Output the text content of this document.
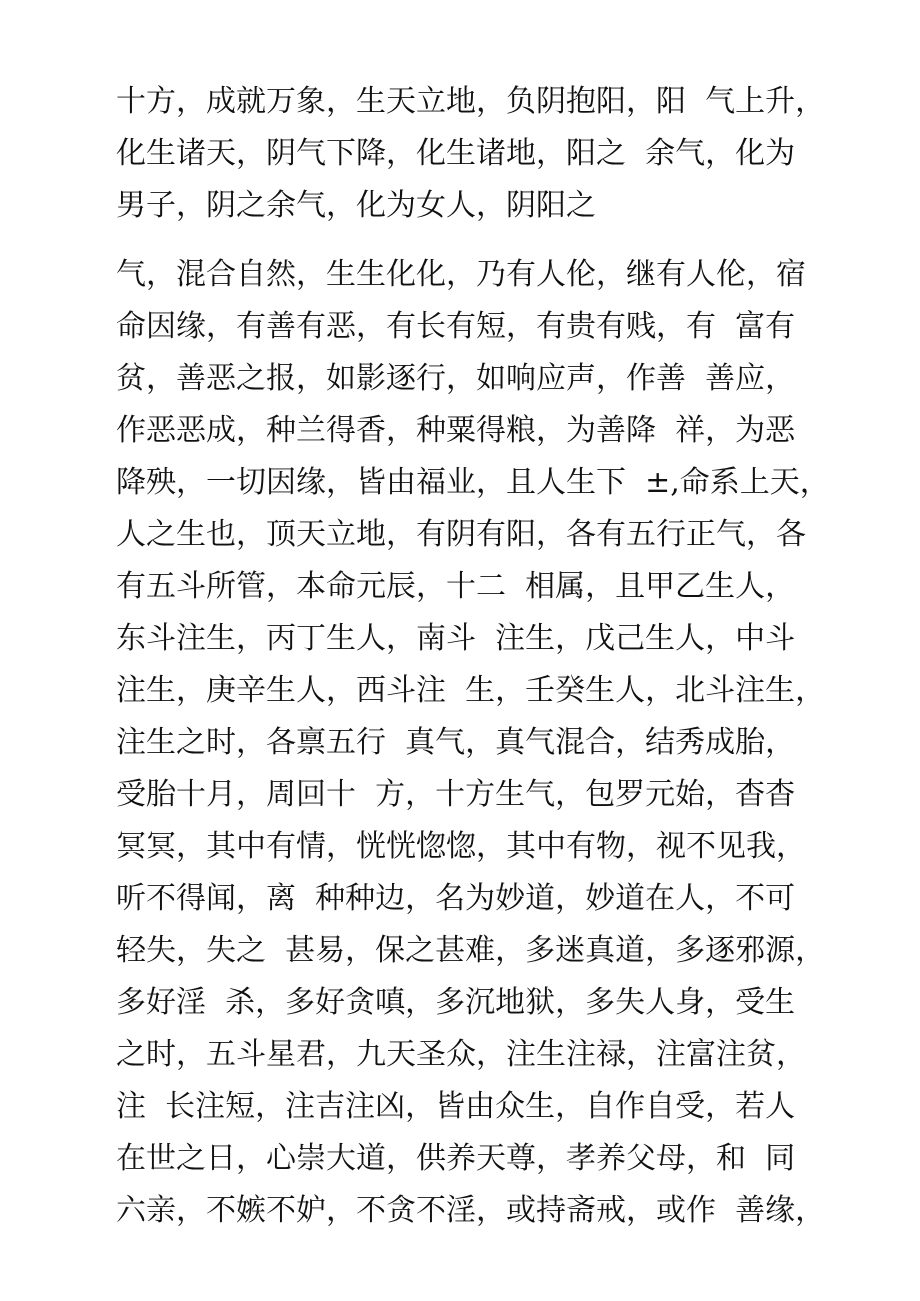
十方，成就万象，生天立地，负阴抱阳，阳  气上升，
化生诸天，阴气下降，化生诸地，阳之  余气，化为
男子，阴之余气，化为女人，阴阳之

气，混合自然，生生化化，乃有人伦，继有人伦，宿
命因缘，有善有恶，有长有短，有贵有贱，有  富有
贫，善恶之报，如影逐行，如响应声，作善  善应，
作恶恶成，种兰得香，种粟得粮，为善降  祥，为恶
降殃，一切因缘，皆由福业，且人生下  ±,命系上天，
人之生也，顶天立地，有阴有阳，各有五行正气，各
有五斗所管，本命元辰，十二  相属，且甲乙生人，
东斗注生，丙丁生人，南斗  注生，戊己生人，中斗
注生，庚辛生人，西斗注  生，壬癸生人，北斗注生，
注生之时，各禀五行  真气，真气混合，结秀成胎，
受胎十月，周回十  方，十方生气，包罗元始，杳杳
冥冥，其中有情，恍恍惚惚，其中有物，视不见我，
听不得闻，离  种种边，名为妙道，妙道在人，不可
轻失，失之  甚易，保之甚难，多迷真道，多逐邪源，
多好淫  杀，多好贪嗔，多沉地狱，多失人身，受生
之时，五斗星君，九天圣众，注生注禄，注富注贫，
注  长注短，注吉注凶，皆由众生，自作自受，若人
在世之日，心崇大道，供养天尊，孝养父母，和  同
六亲，不嫉不妒，不贪不淫，或持斋戒，或作  善缘，
